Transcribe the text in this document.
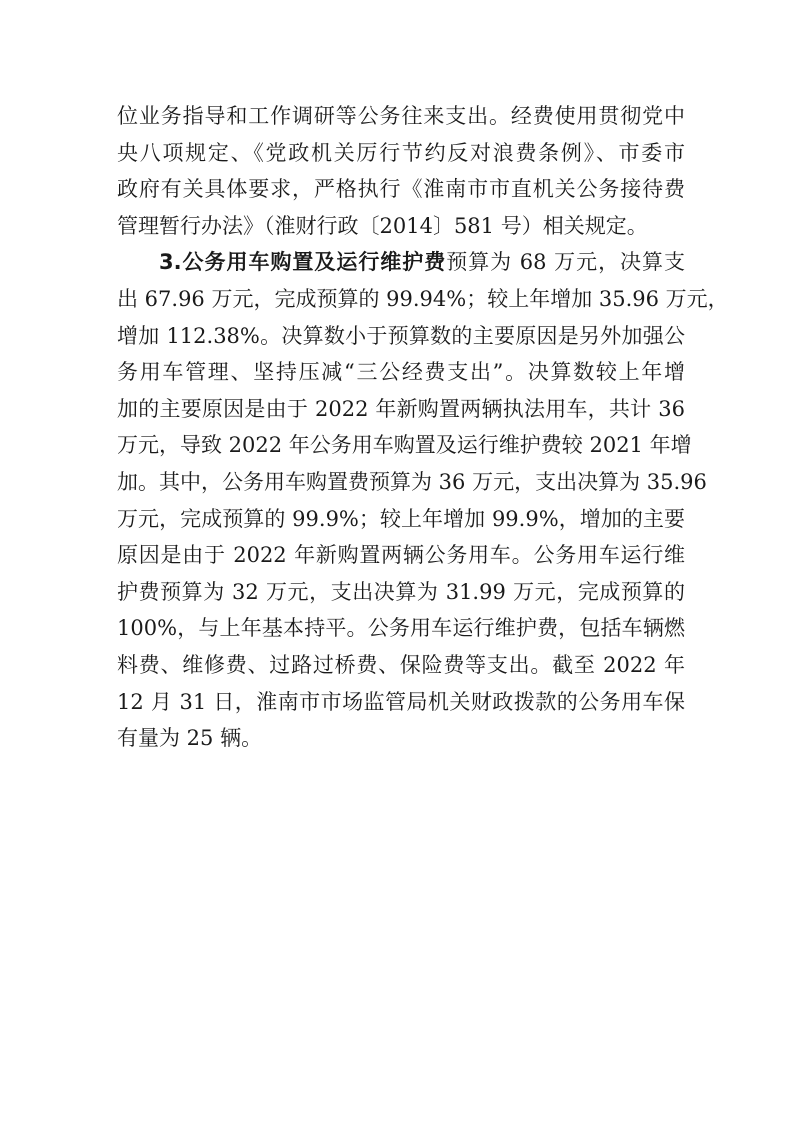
位业务指导和工作调研等公务往来支出。经费使用贯彻党中
央八项规定、《党政机关厉行节约反对浪费条例》、市委市
政府有关具体要求，严格执行《淮南市市直机关公务接待费
管理暂行办法》（淮财行政〔2014〕581 号）相关规定。
3.公务用车购置及运行维护费预算为 68 万元，决算支
出 67.96 万元，完成预算的 99.94%；较上年增加 35.96 万元，
增加 112.38%。决算数小于预算数的主要原因是另外加强公
务用车管理、坚持压减“三公经费支出”。决算数较上年增
加的主要原因是由于 2022 年新购置两辆执法用车，共计 36
万元，导致 2022 年公务用车购置及运行维护费较 2021 年增
加。其中，公务用车购置费预算为 36 万元，支出决算为 35.96
万元，完成预算的 99.9%；较上年增加 99.9%，增加的主要
原因是由于 2022 年新购置两辆公务用车。公务用车运行维
护费预算为 32 万元，支出决算为 31.99 万元，完成预算的
100%，与上年基本持平。公务用车运行维护费，包括车辆燃
料费、维修费、过路过桥费、保险费等支出。截至 2022 年
12 月 31 日，淮南市市场监管局机关财政拨款的公务用车保
有量为 25 辆。
